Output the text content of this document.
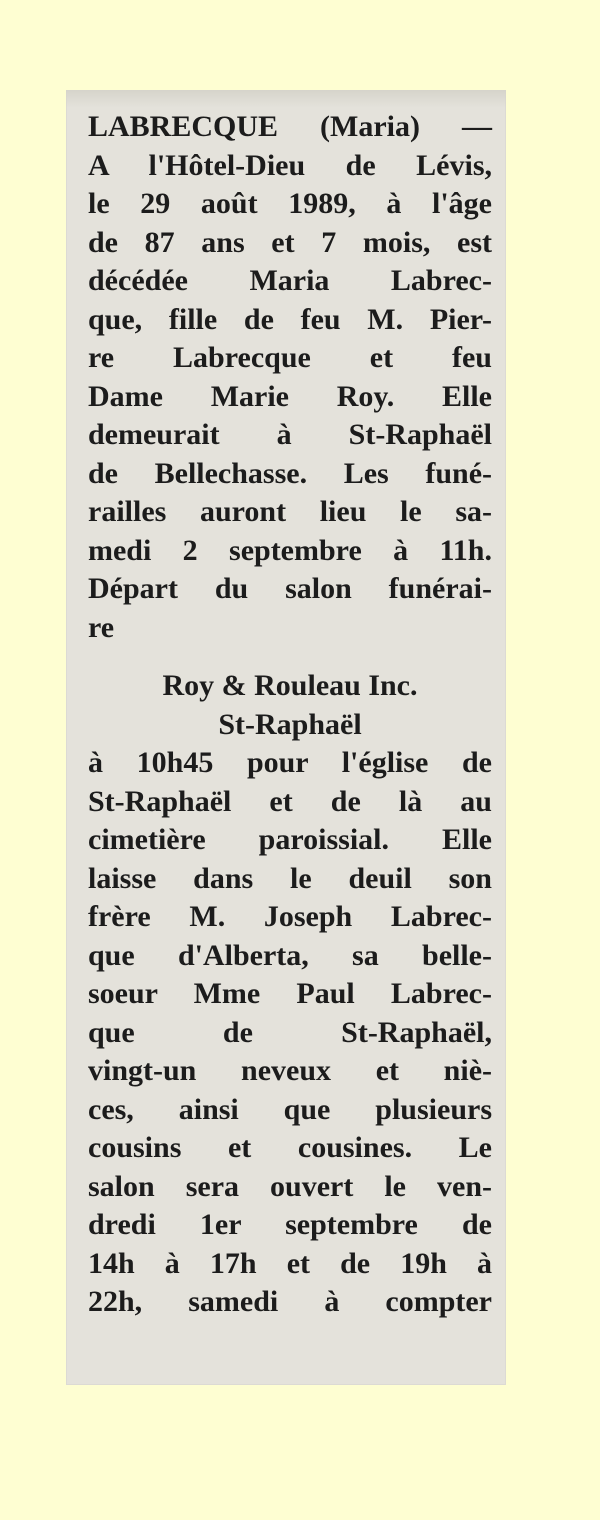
LABRECQUE (Maria) —
A l'Hôtel-Dieu de Lévis,
le 29 août 1989, à l'âge
de 87 ans et 7 mois, est
décédée Maria Labrec-
que, fille de feu M. Pier-
re Labrecque et feu
Dame Marie Roy. Elle
demeurait à St-Raphaël
de Bellechasse. Les funé-
railles auront lieu le sa-
medi 2 septembre à 11h.
Départ du salon funérai-
re
Roy & Rouleau Inc.
St-Raphaël
à 10h45 pour l'église de
St-Raphaël et de là au
cimetière paroissial. Elle
laisse dans le deuil son
frère M. Joseph Labrec-
que d'Alberta, sa belle-
soeur Mme Paul Labrec-
que de St-Raphaël,
vingt-un neveux et niè-
ces, ainsi que plusieurs
cousins et cousines. Le
salon sera ouvert le ven-
dredi 1er septembre de
14h à 17h et de 19h à
22h, samedi à compter
